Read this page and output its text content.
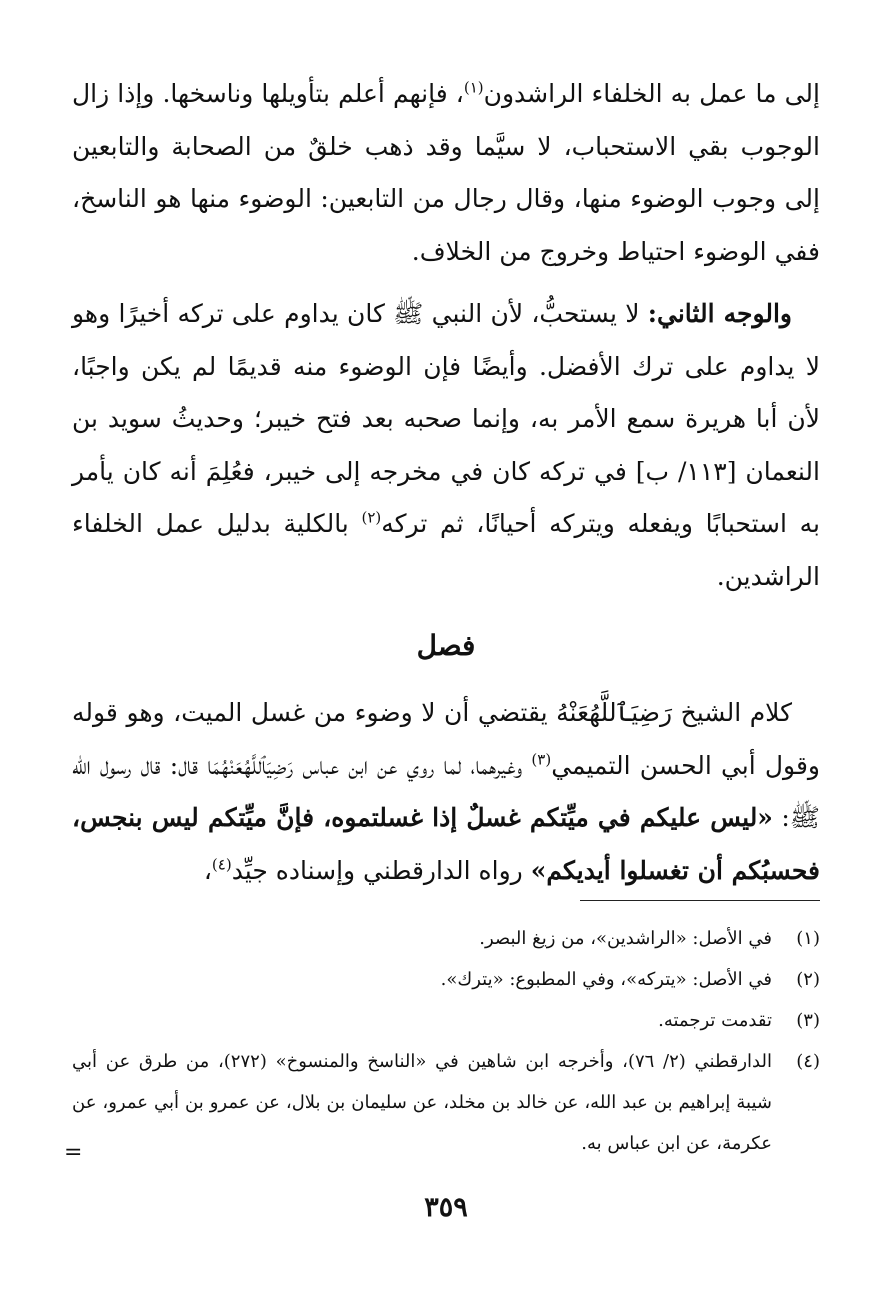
إلى ما عمل به الخلفاء الراشدون$^{(١)}$، فإنهم أعلم بتأويلها وناسخها. وإذا زال الوجوب بقي الاستحباب، لا سيَّما وقد ذهب خلقٌ من الصحابة والتابعين إلى وجوب الوضوء منها، وقال رجال من التابعين: الوضوء منها هو الناسخ، ففي الوضوء احتياط وخروج من الخلاف.

والوجه الثاني: لا يستحبُّ، لأن النبي ﷺ كان يداوم على تركه أخيرًا وهو لا يداوم على ترك الأفضل. وأيضًا فإن الوضوء منه قديمًا لم يكن واجبًا، لأن أبا هريرة سمع الأمر به، وإنما صحبه بعد فتح خيبر؛ وحديثُ سويد بن النعمان [١١٣/ ب] في تركه كان في مخرجه إلى خيبر، فعُلِمَ أنه كان يأمر به استحبابًا ويفعله ويتركه أحيانًا، ثم تركه$^{(٢)}$ بالكلية بدليل عمل الخلفاء الراشدين.

فصل

كلام الشيخ رَضِيَٱللَّهُعَنْهُ يقتضي أن لا وضوء من غسل الميت، وهو قوله وقول أبي الحسن التميمي$^{(٣)}$ وغيرهما، لما روي عن ابن عباس رَضِيَٱللَّهُعَنْهُمَا قال: قال رسول الله ﷺ: «ليس عليكم في ميِّتكم غسلٌ إذا غسلتموه، فإنَّ ميِّتكم ليس بنجس، فحسبُكم أن تغسلوا أيديكم» رواه الدارقطني وإسناده جيِّد$^{(٤)}$،

(١)
في الأصل: «الراشدين»، من زيغ البصر.
(٢)
في الأصل: «يتركه»، وفي المطبوع: «يترك».
(٣)
تقدمت ترجمته.
(٤)
الدارقطني (٢/ ٧٦)، وأخرجه ابن شاهين في «الناسخ والمنسوخ» (٢٧٢)، من طرق عن أبي شيبة إبراهيم بن عبد الله، عن خالد بن مخلد، عن سليمان بن بلال، عن عمرو بن أبي عمرو، عن عكرمة، عن ابن عباس به.
=
٣٥٩
